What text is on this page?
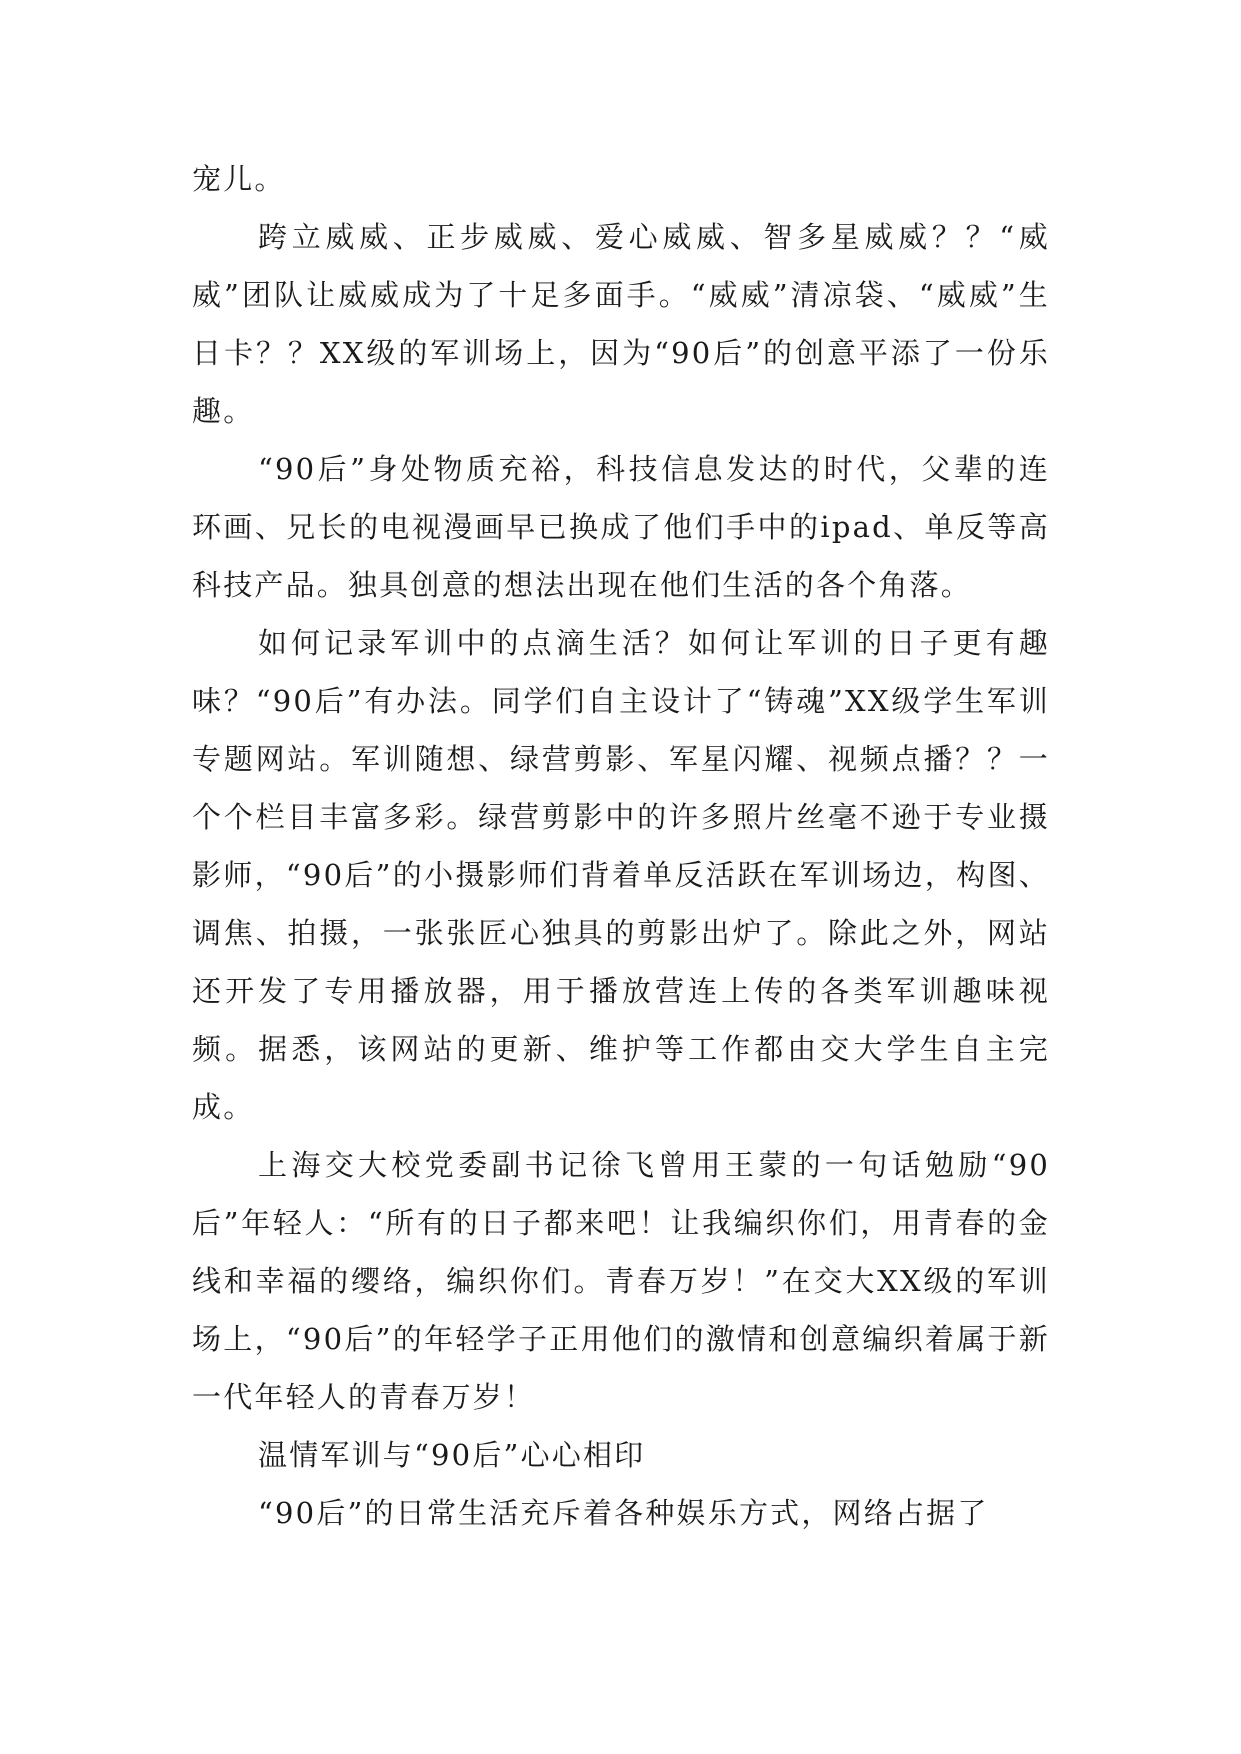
宠儿。

跨立威威、正步威威、爱心威威、智多星威威？？“威威”团队让威威成为了十足多面手。“威威”清凉袋、“威威”生日卡？？XX级的军训场上，因为“90后”的创意平添了一份乐趣。

“90后”身处物质充裕，科技信息发达的时代，父辈的连环画、兄长的电视漫画早已换成了他们手中的ipad、单反等高科技产品。独具创意的想法出现在他们生活的各个角落。

如何记录军训中的点滴生活？如何让军训的日子更有趣味？“90后”有办法。同学们自主设计了“铸魂”XX级学生军训专题网站。军训随想、绿营剪影、军星闪耀、视频点播？？一个个栏目丰富多彩。绿营剪影中的许多照片丝毫不逊于专业摄影师，“90后”的小摄影师们背着单反活跃在军训场边，构图、调焦、拍摄，一张张匠心独具的剪影出炉了。除此之外，网站还开发了专用播放器，用于播放营连上传的各类军训趣味视频。据悉，该网站的更新、维护等工作都由交大学生自主完成。

上海交大校党委副书记徐飞曾用王蒙的一句话勉励“90后”年轻人：“所有的日子都来吧！让我编织你们，用青春的金线和幸福的缨络，编织你们。青春万岁！”在交大XX级的军训场上，“90后”的年轻学子正用他们的激情和创意编织着属于新一代年轻人的青春万岁！

温情军训与“90后”心心相印

“90后”的日常生活充斥着各种娱乐方式，网络占据了
